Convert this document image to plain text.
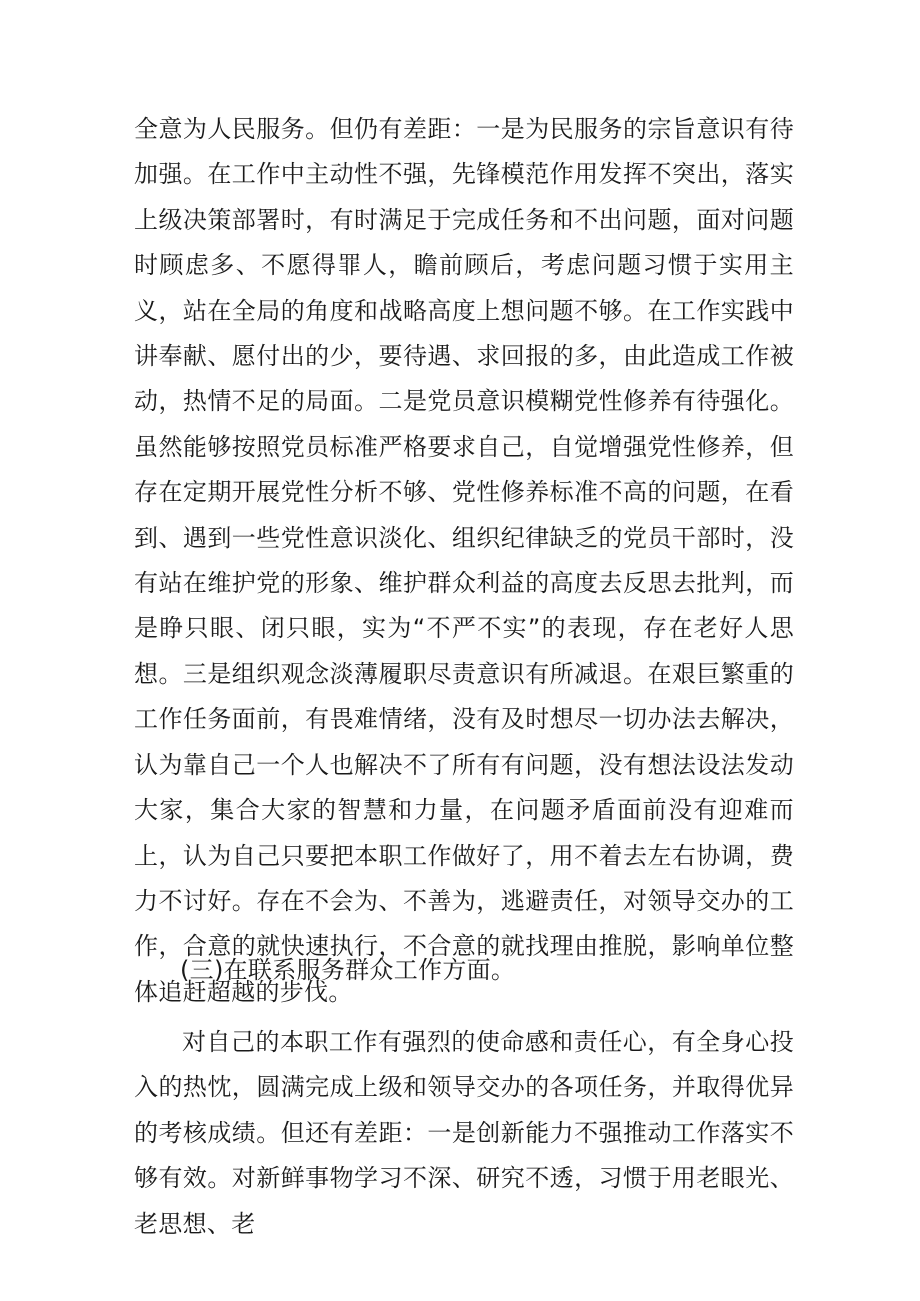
全意为人民服务。但仍有差距：一是为民服务的宗旨意识有待加强。在工作中主动性不强，先锋模范作用发挥不突出，落实上级决策部署时，有时满足于完成任务和不出问题，面对问题时顾虑多、不愿得罪人，瞻前顾后，考虑问题习惯于实用主义，站在全局的角度和战略高度上想问题不够。在工作实践中讲奉献、愿付出的少，要待遇、求回报的多，由此造成工作被动，热情不足的局面。二是党员意识模糊党性修养有待强化。虽然能够按照党员标准严格要求自己，自觉增强党性修养，但存在定期开展党性分析不够、党性修养标准不高的问题，在看到、遇到一些党性意识淡化、组织纪律缺乏的党员干部时，没有站在维护党的形象、维护群众利益的高度去反思去批判，而是睁只眼、闭只眼，实为“不严不实”的表现，存在老好人思想。三是组织观念淡薄履职尽责意识有所减退。在艰巨繁重的工作任务面前，有畏难情绪，没有及时想尽一切办法去解决，认为靠自己一个人也解决不了所有有问题，没有想法设法发动大家，集合大家的智慧和力量，在问题矛盾面前没有迎难而上，认为自己只要把本职工作做好了，用不着去左右协调，费力不讨好。存在不会为、不善为，逃避责任，对领导交办的工作，合意的就快速执行，不合意的就找理由推脱，影响单位整体追赶超越的步伐。

(三)在联系服务群众工作方面。

对自己的本职工作有强烈的使命感和责任心，有全身心投入的热忱，圆满完成上级和领导交办的各项任务，并取得优异的考核成绩。但还有差距：一是创新能力不强推动工作落实不够有效。对新鲜事物学习不深、研究不透，习惯于用老眼光、老思想、老
